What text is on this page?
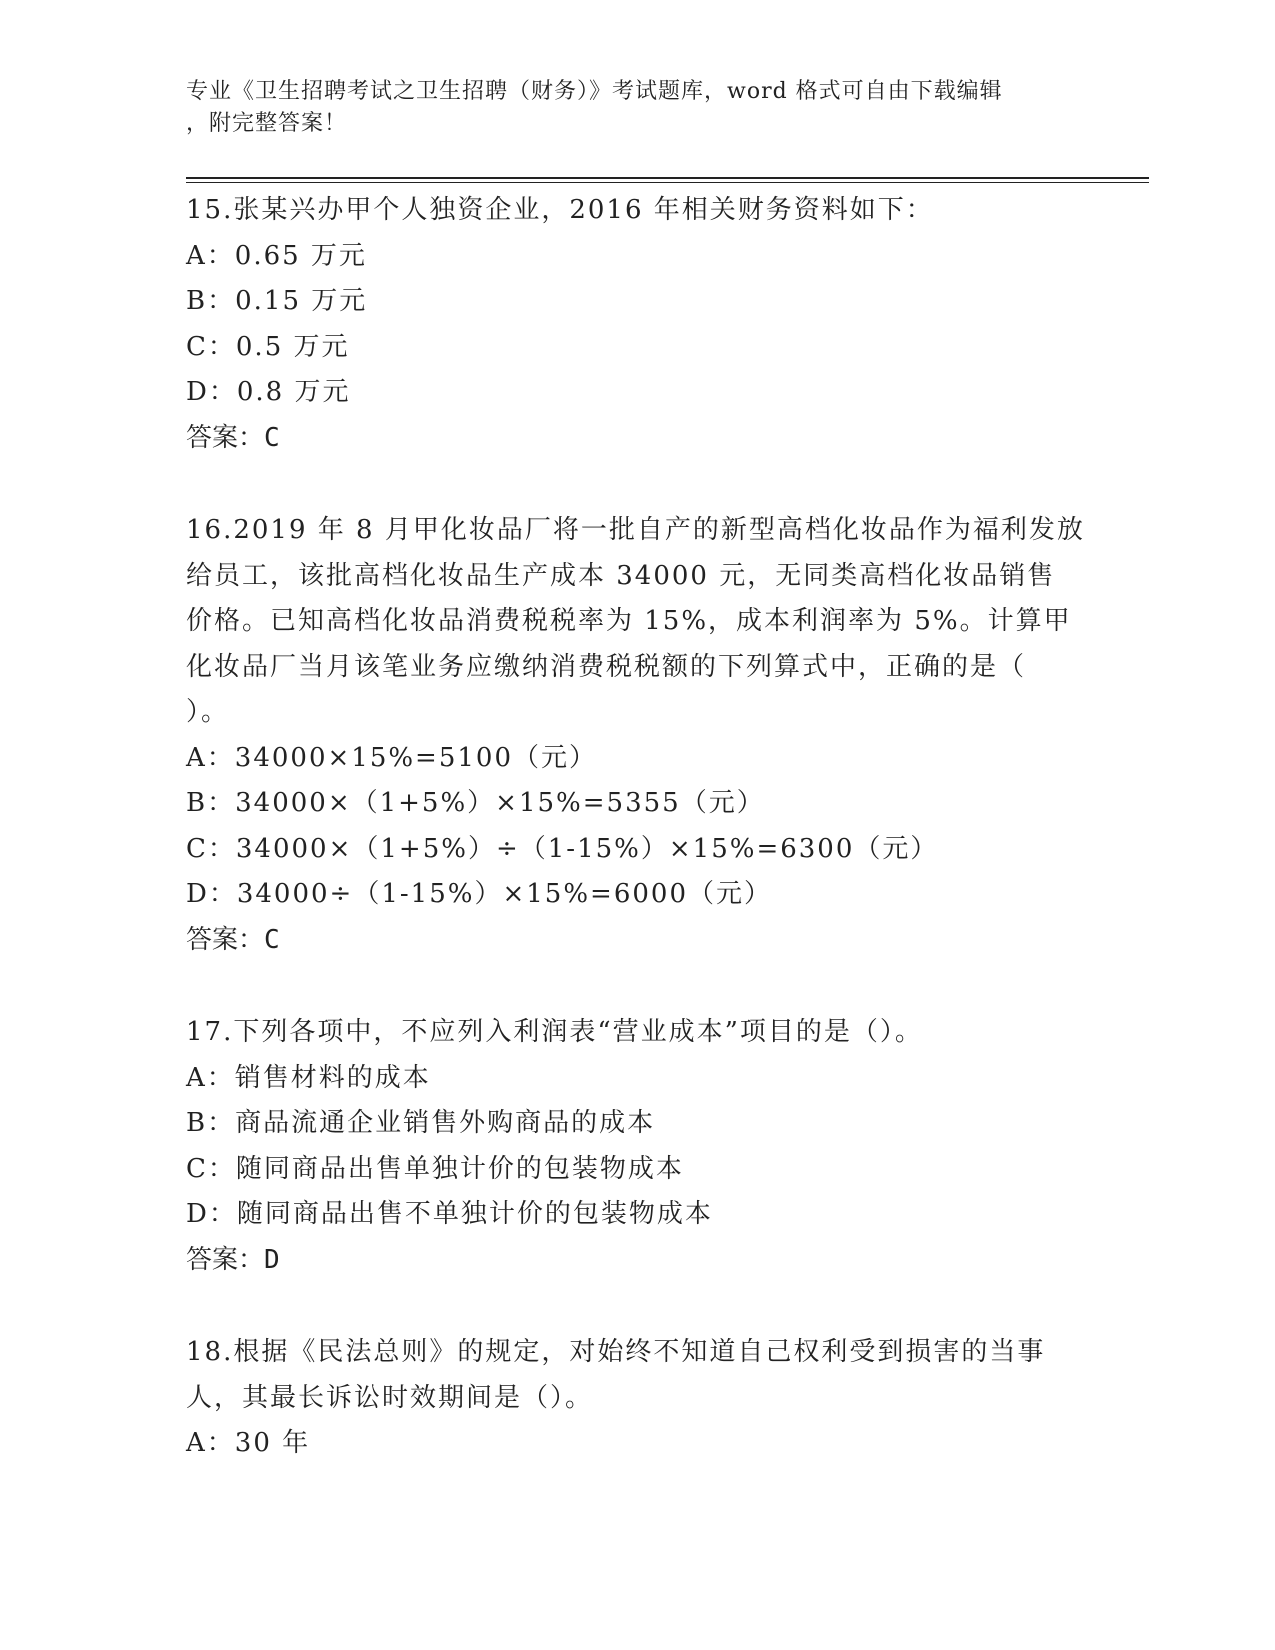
专业《卫生招聘考试之卫生招聘（财务）》考试题库，word 格式可自由下载编辑
，附完整答案！
15.张某兴办甲个人独资企业，2016 年相关财务资料如下：
A：0.65 万元
B：0.15 万元
C：0.5 万元
D：0.8 万元
答案：C
16.2019 年 8 月甲化妆品厂将一批自产的新型高档化妆品作为福利发放
给员工，该批高档化妆品生产成本 34000 元，无同类高档化妆品销售
价格。已知高档化妆品消费税税率为 15%，成本利润率为 5%。计算甲
化妆品厂当月该笔业务应缴纳消费税税额的下列算式中，正确的是（
）。
A：34000×15%=5100（元）
B：34000×（1+5%）×15%=5355（元）
C：34000×（1+5%）÷（1-15%）×15%=6300（元）
D：34000÷（1-15%）×15%=6000（元）
答案：C
17.下列各项中，不应列入利润表“营业成本”项目的是（）。
A：销售材料的成本
B：商品流通企业销售外购商品的成本
C：随同商品出售单独计价的包装物成本
D：随同商品出售不单独计价的包装物成本
答案：D
18.根据《民法总则》的规定，对始终不知道自己权利受到损害的当事
人，其最长诉讼时效期间是（）。
A：30 年
